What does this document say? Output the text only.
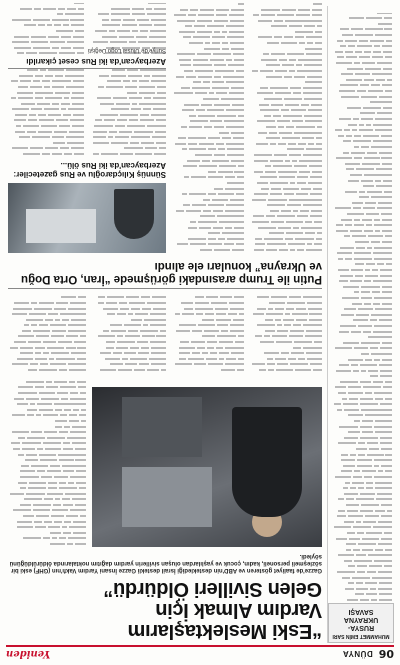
06
DÜNYA
Yeniden
MUHAMMET EMİN SARI
RUSYA-UKRAYNA SAVAŞI
“Eski Meslektaşlarım
Vardım Almak İçin
Gelen Sivilleri Öldürdü”
Gazze'de faaliyet gösteren ve ABD'nin desteklediği İsrail destekli Gazze İnsani Yardım Vakfı'nın (GHF) eski bir sözleşmeli personeli, kadın, çocuk ve yaşlılardan oluşan sivillerin yardım dağıtım noktalarında öldürüldüğünü söyledi.
Putin ile Trump arasındaki görüşmede “İran, Orta Doğu ve Ukrayna” konuları ele alındı
Sünnüş Kılıçdaroğlu ve Rus gazeteciler: Azerbaycan'da iki Rus ölü...
Azerbaycan'da iki Rus ceset çıkarıldı
Suriye'de Ulusal Logo Değişti
